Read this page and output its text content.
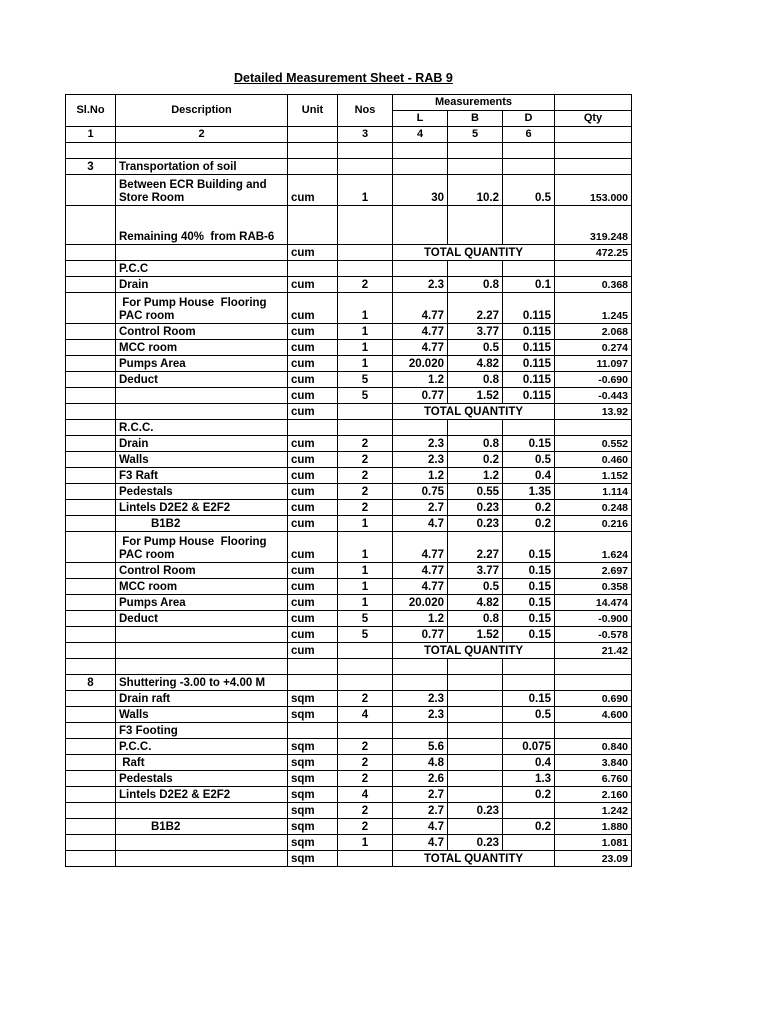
Detailed Measurement Sheet - RAB 9
Sl.No	Description	Unit	Nos	Measurements			
				L	B	D	Qty
1	2		3	4	5	6	

3	Transportation of soil						
	Between ECR Building and
Store Room	cum	1	30	10.2	0.5	153.000

Remaining 40%  from RAB-6						319.248
		cum		TOTAL QUANTITY			472.25
	P.C.C						
	Drain	cum	2	2.3	0.8	0.1	0.368
	For Pump House  Flooring
PAC room	cum	1	4.77	2.27	0.115	1.245
	Control Room	cum	1	4.77	3.77	0.115	2.068
	MCC room	cum	1	4.77	0.5	0.115	0.274
	Pumps Area	cum	1	20.020	4.82	0.115	11.097
	Deduct	cum	5	1.2	0.8	0.115	-0.690
		cum	5	0.77	1.52	0.115	-0.443
		cum		TOTAL QUANTITY			13.92
	R.C.C.						
	Drain	cum	2	2.3	0.8	0.15	0.552
	Walls	cum	2	2.3	0.2	0.5	0.460
	F3 Raft	cum	2	1.2	1.2	0.4	1.152
	Pedestals	cum	2	0.75	0.55	1.35	1.114
	Lintels D2E2 & E2F2	cum	2	2.7	0.23	0.2	0.248
	B1B2	cum	1	4.7	0.23	0.2	0.216
	For Pump House  Flooring
PAC room	cum	1	4.77	2.27	0.15	1.624
	Control Room	cum	1	4.77	3.77	0.15	2.697
	MCC room	cum	1	4.77	0.5	0.15	0.358
	Pumps Area	cum	1	20.020	4.82	0.15	14.474
	Deduct	cum	5	1.2	0.8	0.15	-0.900
		cum	5	0.77	1.52	0.15	-0.578
		cum		TOTAL QUANTITY			21.42

8	Shuttering -3.00 to +4.00 M						
	Drain raft	sqm	2	2.3		0.15	0.690
	Walls	sqm	4	2.3		0.5	4.600
	F3 Footing						
	P.C.C.	sqm	2	5.6		0.075	0.840
	Raft	sqm	2	4.8		0.4	3.840
	Pedestals	sqm	2	2.6		1.3	6.760
	Lintels D2E2 & E2F2	sqm	4	2.7		0.2	2.160
		sqm	2	2.7	0.23		1.242
	B1B2	sqm	2	4.7		0.2	1.880
		sqm	1	4.7	0.23		1.081
		sqm		TOTAL QUANTITY			23.09
